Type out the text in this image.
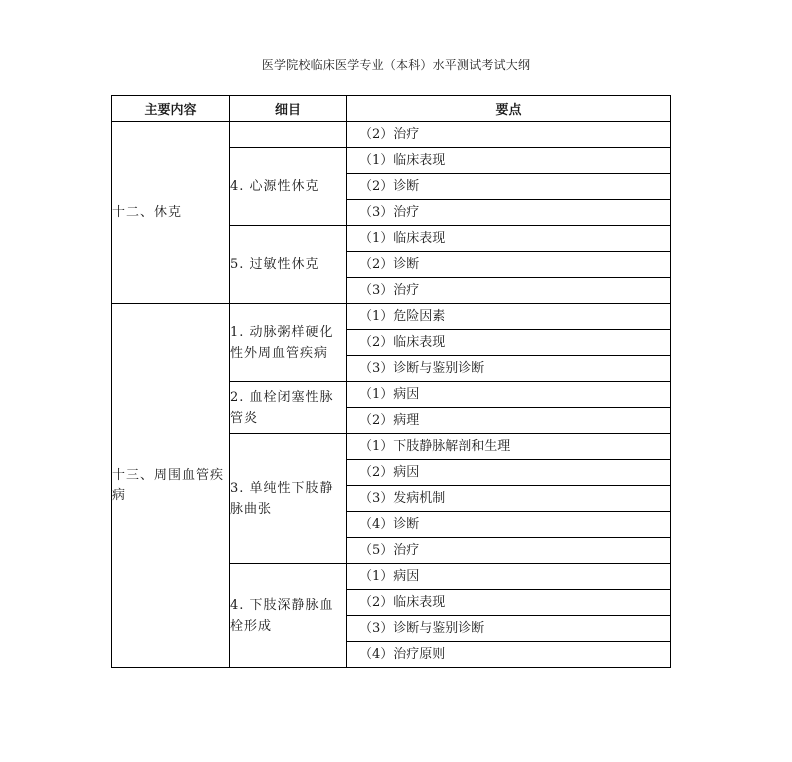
医学院校临床医学专业（本科）水平测试考试大纲
主要内容	细目	要点
十二、休克		（2）治疗
	4. 心源性休克	（1）临床表现
		（2）诊断
		（3）治疗
	5. 过敏性休克	（1）临床表现
		（2）诊断
		（3）治疗
十三、周围血管疾病	1. 动脉粥样硬化性外周血管疾病	（1）危险因素
		（2）临床表现
		（3）诊断与鉴别诊断
	2. 血栓闭塞性脉管炎	（1）病因
		（2）病理
	3. 单纯性下肢静脉曲张	（1）下肢静脉解剖和生理
		（2）病因
		（3）发病机制
		（4）诊断
		（5）治疗
	4. 下肢深静脉血栓形成	（1）病因
		（2）临床表现
		（3）诊断与鉴别诊断
		（4）治疗原则
